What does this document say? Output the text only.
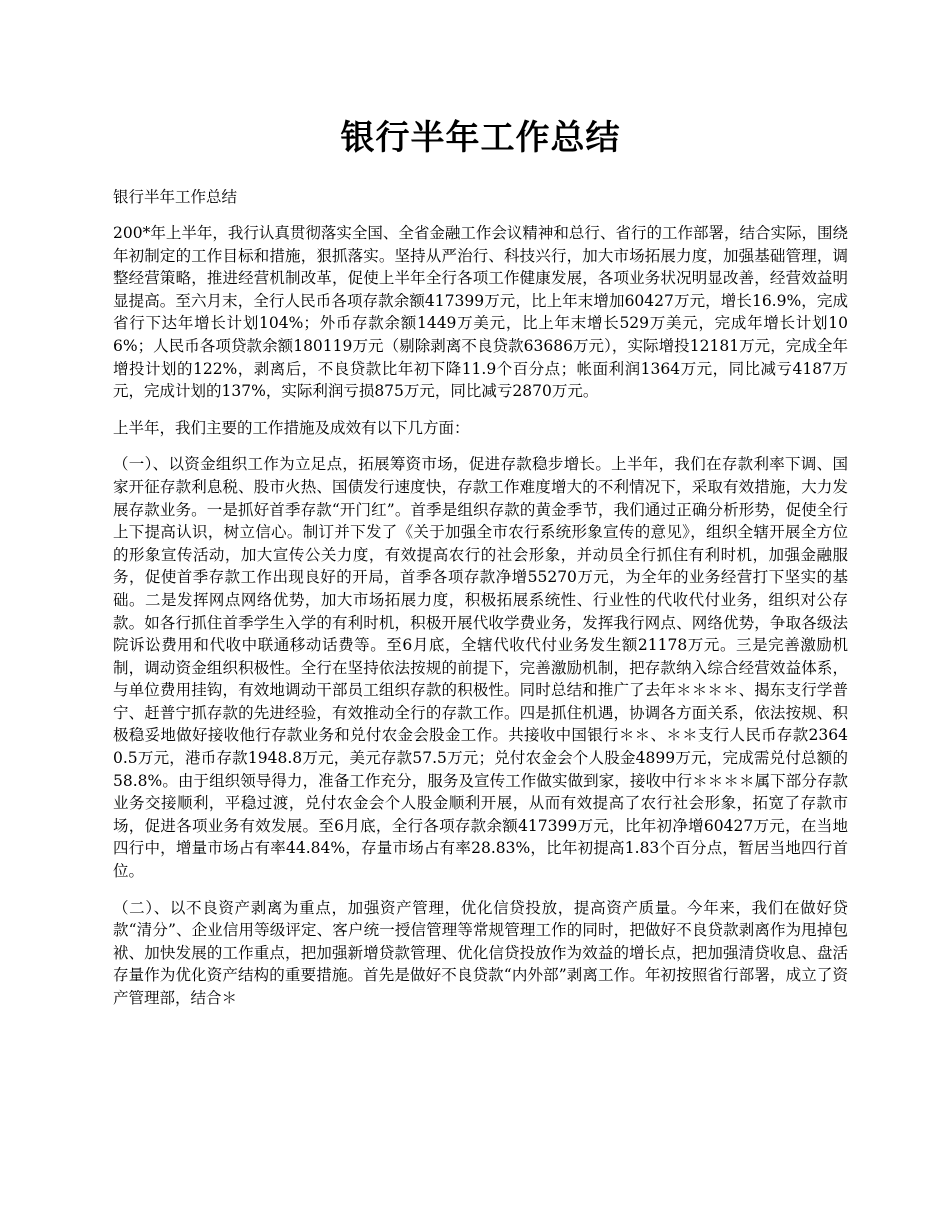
银行半年工作总结

银行半年工作总结

200*年上半年，我行认真贯彻落实全国、全省金融工作会议精神和总行、省行的工作部署，结合实际，围绕年初制定的工作目标和措施，狠抓落实。坚持从严治行、科技兴行，加大市场拓展力度，加强基础管理，调整经营策略，推进经营机制改革，促使上半年全行各项工作健康发展，各项业务状况明显改善，经营效益明显提高。至六月末，全行人民币各项存款余额417399万元，比上年末增加60427万元，增长16.9%，完成省行下达年增长计划104%；外币存款余额1449万美元，比上年末增长529万美元，完成年增长计划106%；人民币各项贷款余额180119万元（剔除剥离不良贷款63686万元），实际增投12181万元，完成全年增投计划的122%，剥离后，不良贷款比年初下降11.9个百分点；帐面利润1364万元，同比减亏4187万元，完成计划的137%，实际利润亏损875万元，同比减亏2870万元。

上半年，我们主要的工作措施及成效有以下几方面：

（一）、以资金组织工作为立足点，拓展筹资市场，促进存款稳步增长。上半年，我们在存款利率下调、国家开征存款利息税、股市火热、国债发行速度快，存款工作难度增大的不利情况下，采取有效措施，大力发展存款业务。一是抓好首季存款“开门红”。首季是组织存款的黄金季节，我们通过正确分析形势，促使全行上下提高认识，树立信心。制订并下发了《关于加强全市农行系统形象宣传的意见》，组织全辖开展全方位的形象宣传活动，加大宣传公关力度，有效提高农行的社会形象，并动员全行抓住有利时机，加强金融服务，促使首季存款工作出现良好的开局，首季各项存款净增55270万元，为全年的业务经营打下坚实的基础。二是发挥网点网络优势，加大市场拓展力度，积极拓展系统性、行业性的代收代付业务，组织对公存款。如各行抓住首季学生入学的有利时机，积极开展代收学费业务，发挥我行网点、网络优势，争取各级法院诉讼费用和代收中联通移动话费等。至6月底，全辖代收代付业务发生额21178万元。三是完善激励机制，调动资金组织积极性。全行在坚持依法按规的前提下，完善激励机制，把存款纳入综合经营效益体系，与单位费用挂钩，有效地调动干部员工组织存款的积极性。同时总结和推广了去年＊＊＊＊、揭东支行学普宁、赶普宁抓存款的先进经验，有效推动全行的存款工作。四是抓住机遇，协调各方面关系，依法按规、积极稳妥地做好接收他行存款业务和兑付农金会股金工作。共接收中国银行＊＊、＊＊支行人民币存款23640.5万元，港币存款1948.8万元，美元存款57.5万元；兑付农金会个人股金4899万元，完成需兑付总额的58.8%。由于组织领导得力，准备工作充分，服务及宣传工作做实做到家，接收中行＊＊＊＊属下部分存款业务交接顺利，平稳过渡，兑付农金会个人股金顺利开展，从而有效提高了农行社会形象，拓宽了存款市场，促进各项业务有效发展。至6月底，全行各项存款余额417399万元，比年初净增60427万元，在当地四行中，增量市场占有率44.84%，存量市场占有率28.83%，比年初提高1.83个百分点，暂居当地四行首位。

（二）、以不良资产剥离为重点，加强资产管理，优化信贷投放，提高资产质量。今年来，我们在做好贷款“清分”、企业信用等级评定、客户统一授信管理等常规管理工作的同时，把做好不良贷款剥离作为甩掉包袱、加快发展的工作重点，把加强新增贷款管理、优化信贷投放作为效益的增长点，把加强清贷收息、盘活存量作为优化资产结构的重要措施。首先是做好不良贷款“内外部”剥离工作。年初按照省行部署，成立了资产管理部，结合＊
